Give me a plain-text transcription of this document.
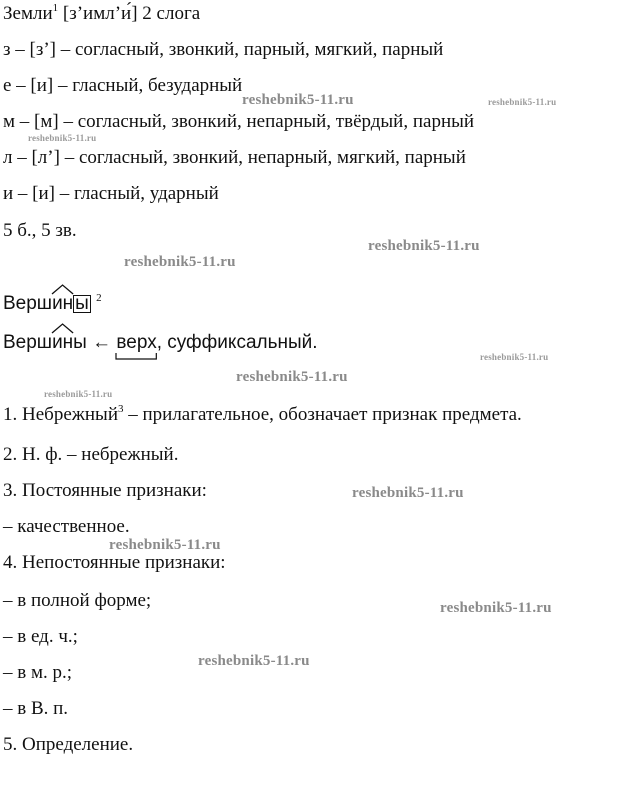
Земли$^1$ [з’имл’и́] 2 слога
з – [з’] – согласный, звонкий, парный, мягкий, парный
е – [и] – гласный, безударный
м – [м] – согласный, звонкий, непарный, твёрдый, парный
л – [л’] – согласный, звонкий, непарный, мягкий, парный
и – [и] – гласный, ударный
5 б., 5 зв.
Верш
ин ы $^2$
Верш
ины ←
верх, суффиксальный.
1. Небрежный$^3$ – прилагательное, обозначает признак предмета.
2. Н. ф. – небрежный.
3. Постоянные признаки:
– качественное.
4. Непостоянные признаки:
– в полной форме;
– в ед. ч.;
– в м. р.;
– в В. п.
5. Определение.
reshebnik5-11.ru	reshebnik5-11.ru
reshebnik5-11.ru
reshebnik5-11.ru
reshebnik5-11.ru
reshebnik5-11.ru
reshebnik5-11.ru
reshebnik5-11.ru
reshebnik5-11.ru
reshebnik5-11.ru
reshebnik5-11.ru
reshebnik5-11.ru
